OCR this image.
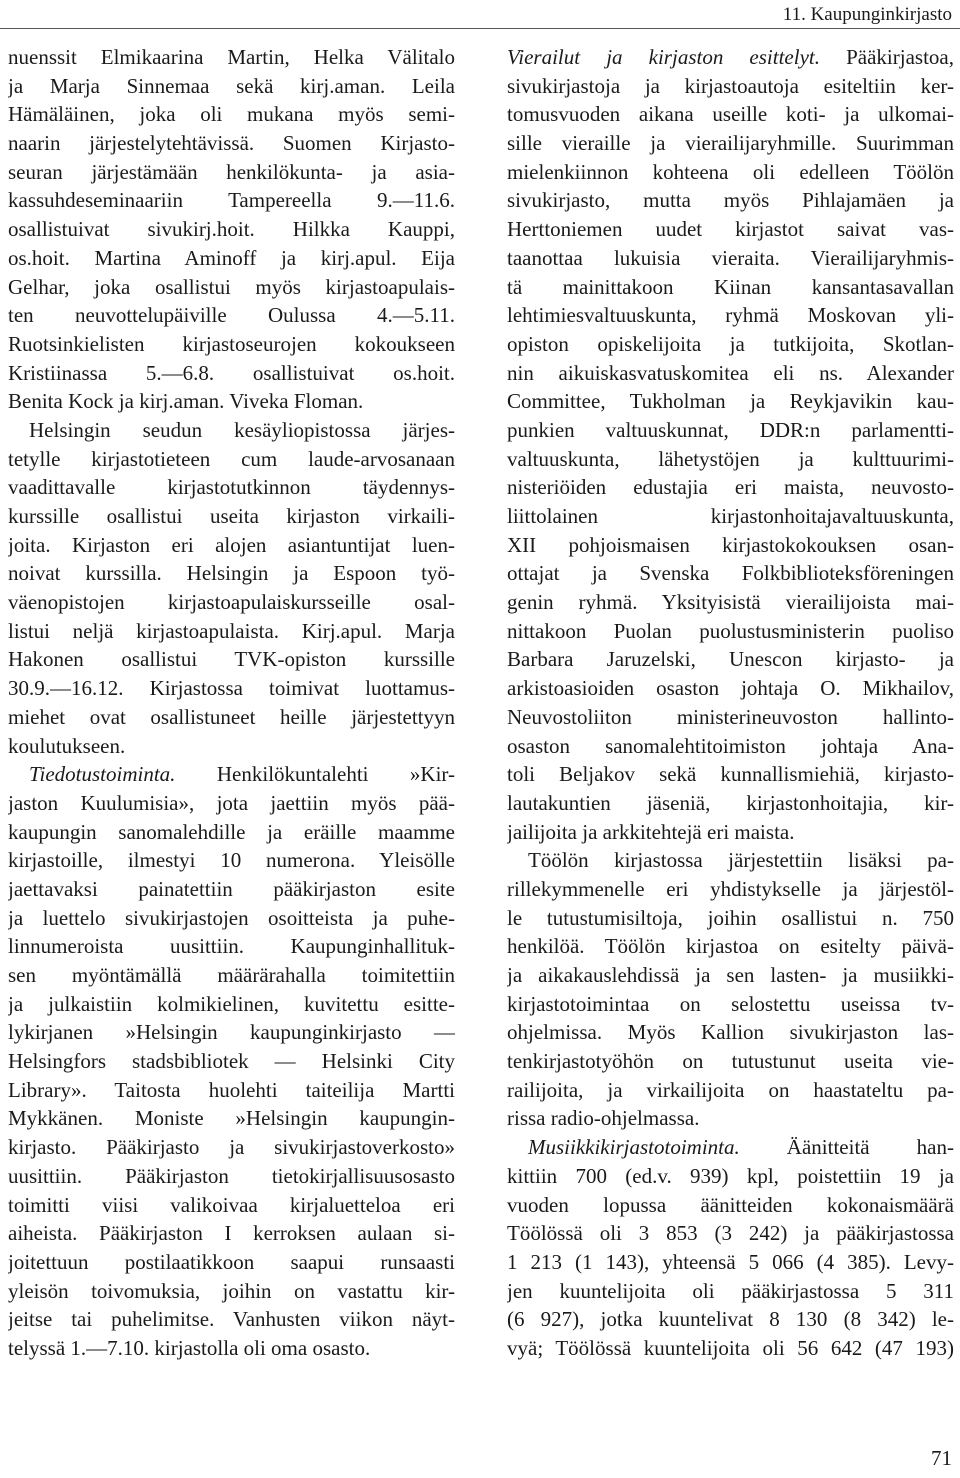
11. Kaupunginkirjasto
nuenssit Elmikaarina Martin, Helka Välitalo
ja Marja Sinnemaa sekä kirj.aman. Leila
Hämäläinen, joka oli mukana myös semi-
naarin järjestelytehtävissä. Suomen Kirjasto-
seuran järjestämään henkilökunta- ja asia-
kassuhdeseminaariin Tampereella 9.—11.6.
osallistuivat sivukirj.hoit. Hilkka Kauppi,
os.hoit. Martina Aminoff ja kirj.apul. Eija
Gelhar, joka osallistui myös kirjastoapulais-
ten neuvottelupäiville Oulussa 4.—5.11.
Ruotsinkielisten kirjastoseurojen kokoukseen
Kristiinassa 5.—6.8. osallistuivat os.hoit.
Benita Kock ja kirj.aman. Viveka Floman.
Helsingin seudun kesäyliopistossa järjes-
tetylle kirjastotieteen cum laude-arvosanaan
vaadittavalle kirjastotutkinnon täydennys-
kurssille osallistui useita kirjaston virkaili-
joita. Kirjaston eri alojen asiantuntijat luen-
noivat kurssilla. Helsingin ja Espoon työ-
väenopistojen kirjastoapulaiskursseille osal-
listui neljä kirjastoapulaista. Kirj.apul. Marja
Hakonen osallistui TVK-opiston kurssille
30.9.—16.12. Kirjastossa toimivat luottamus-
miehet ovat osallistuneet heille järjestettyyn
koulutukseen.
Tiedotustoiminta. Henkilökuntalehti »Kir-
jaston Kuulumisia», jota jaettiin myös pää-
kaupungin sanomalehdille ja eräille maamme
kirjastoille, ilmestyi 10 numerona. Yleisölle
jaettavaksi painatettiin pääkirjaston esite
ja luettelo sivukirjastojen osoitteista ja puhe-
linnumeroista uusittiin. Kaupunginhallituk-
sen myöntämällä määrärahalla toimitettiin
ja julkaistiin kolmikielinen, kuvitettu esitte-
lykirjanen »Helsingin kaupunginkirjasto —
Helsingfors stadsbibliotek — Helsinki City
Library». Taitosta huolehti taiteilija Martti
Mykkänen. Moniste »Helsingin kaupungin-
kirjasto. Pääkirjasto ja sivukirjastoverkosto»
uusittiin. Pääkirjaston tietokirjallisuusosasto
toimitti viisi valikoivaa kirjaluetteloa eri
aiheista. Pääkirjaston I kerroksen aulaan si-
joitettuun postilaatikkoon saapui runsaasti
yleisön toivomuksia, joihin on vastattu kir-
jeitse tai puhelimitse. Vanhusten viikon näyt-
telyssä 1.—7.10. kirjastolla oli oma osasto.
Vierailut ja kirjaston esittelyt. Pääkirjastoa,
sivukirjastoja ja kirjastoautoja esiteltiin ker-
tomusvuoden aikana useille koti- ja ulkomai-
sille vieraille ja vierailijaryhmille. Suurimman
mielenkiinnon kohteena oli edelleen Töölön
sivukirjasto, mutta myös Pihlajamäen ja
Herttoniemen uudet kirjastot saivat vas-
taanottaa lukuisia vieraita. Vierailijaryhmis-
tä mainittakoon Kiinan kansantasavallan
lehtimiesvaltuuskunta, ryhmä Moskovan yli-
opiston opiskelijoita ja tutkijoita, Skotlan-
nin aikuiskasvatuskomitea eli ns. Alexander
Committee, Tukholman ja Reykjavikin kau-
punkien valtuuskunnat, DDR:n parlamentti-
valtuuskunta, lähetystöjen ja kulttuurimi-
nisteriöiden edustajia eri maista, neuvosto-
liittolainen kirjastonhoitajavaltuuskunta,
XII pohjoismaisen kirjastokokouksen osan-
ottajat ja Svenska Folkbiblioteksföreningen
genin ryhmä. Yksityisistä vierailijoista mai-
nittakoon Puolan puolustusministerin puoliso
Barbara Jaruzelski, Unescon kirjasto- ja
arkistoasioiden osaston johtaja O. Mikhailov,
Neuvostoliiton ministerineuvoston hallinto-
osaston sanomalehtitoimiston johtaja Ana-
toli Beljakov sekä kunnallismiehiä, kirjasto-
lautakuntien jäseniä, kirjastonhoitajia, kir-
jailijoita ja arkkitehtejä eri maista.
Töölön kirjastossa järjestettiin lisäksi pa-
rillekymmenelle eri yhdistykselle ja järjestöl-
le tutustumisiltoja, joihin osallistui n. 750
henkilöä. Töölön kirjastoa on esitelty päivä-
ja aikakauslehdissä ja sen lasten- ja musiikki-
kirjastotoimintaa on selostettu useissa tv-
ohjelmissa. Myös Kallion sivukirjaston las-
tenkirjastotyöhön on tutustunut useita vie-
railijoita, ja virkailijoita on haastateltu pa-
rissa radio-ohjelmassa.
Musiikkikirjastotoiminta. Äänitteitä han-
kittiin 700 (ed.v. 939) kpl, poistettiin 19 ja
vuoden lopussa äänitteiden kokonaismäärä
Töölössä oli 3 853 (3 242) ja pääkirjastossa
1 213 (1 143), yhteensä 5 066 (4 385). Levy-
jen kuuntelijoita oli pääkirjastossa 5 311
(6 927), jotka kuuntelivat 8 130 (8 342) le-
vyä; Töölössä kuuntelijoita oli 56 642 (47 193)
71
